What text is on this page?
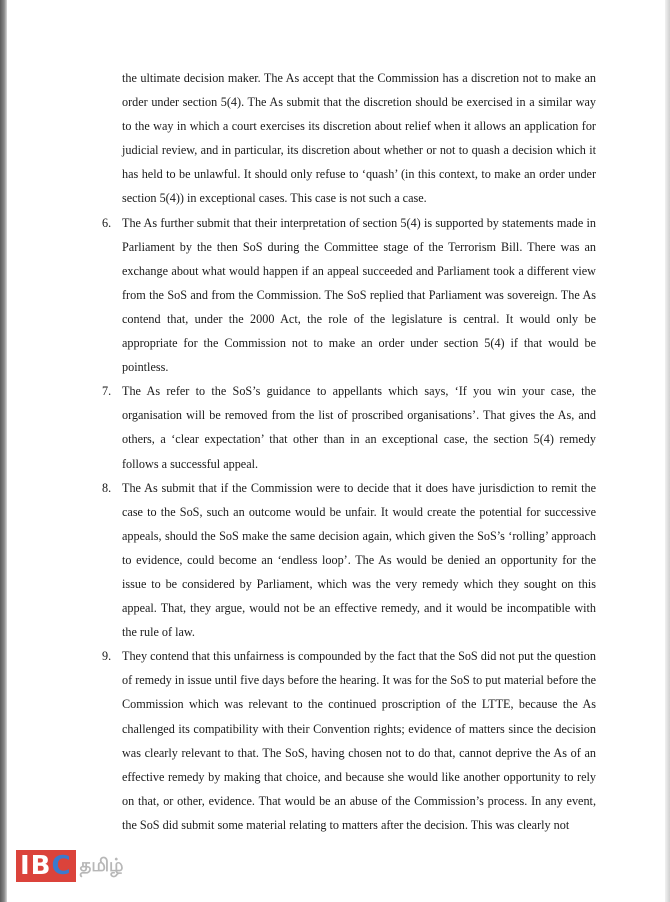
the ultimate decision maker. The As accept that the Commission has a discretion not to make an order under section 5(4). The As submit that the discretion should be exercised in a similar way to the way in which a court exercises its discretion about relief when it allows an application for judicial review, and in particular, its discretion about whether or not to quash a decision which it has held to be unlawful. It should only refuse to ‘quash’ (in this context, to make an order under section 5(4)) in exceptional cases. This case is not such a case.

6. The As further submit that their interpretation of section 5(4) is supported by statements made in Parliament by the then SoS during the Committee stage of the Terrorism Bill. There was an exchange about what would happen if an appeal succeeded and Parliament took a different view from the SoS and from the Commission. The SoS replied that Parliament was sovereign. The As contend that, under the 2000 Act, the role of the legislature is central. It would only be appropriate for the Commission not to make an order under section 5(4) if that would be pointless.
7. The As refer to the SoS’s guidance to appellants which says, ‘If you win your case, the organisation will be removed from the list of proscribed organisations’. That gives the As, and others, a ‘clear expectation’ that other than in an exceptional case, the section 5(4) remedy follows a successful appeal.
8. The As submit that if the Commission were to decide that it does have jurisdiction to remit the case to the SoS, such an outcome would be unfair. It would create the potential for successive appeals, should the SoS make the same decision again, which given the SoS’s ‘rolling’ approach to evidence, could become an ‘endless loop’. The As would be denied an opportunity for the issue to be considered by Parliament, which was the very remedy which they sought on this appeal. That, they argue, would not be an effective remedy, and it would be incompatible with the rule of law.
9. They contend that this unfairness is compounded by the fact that the SoS did not put the question of remedy in issue until five days before the hearing. It was for the SoS to put material before the Commission which was relevant to the continued proscription of the LTTE, because the As challenged its compatibility with their Convention rights; evidence of matters since the decision was clearly relevant to that. The SoS, having chosen not to do that, cannot deprive the As of an effective remedy by making that choice, and because she would like another opportunity to rely on that, or other, evidence. That would be an abuse of the Commission’s process. In any event, the SoS did submit some material relating to matters after the decision. This was clearly not
IB C தமிழ்
